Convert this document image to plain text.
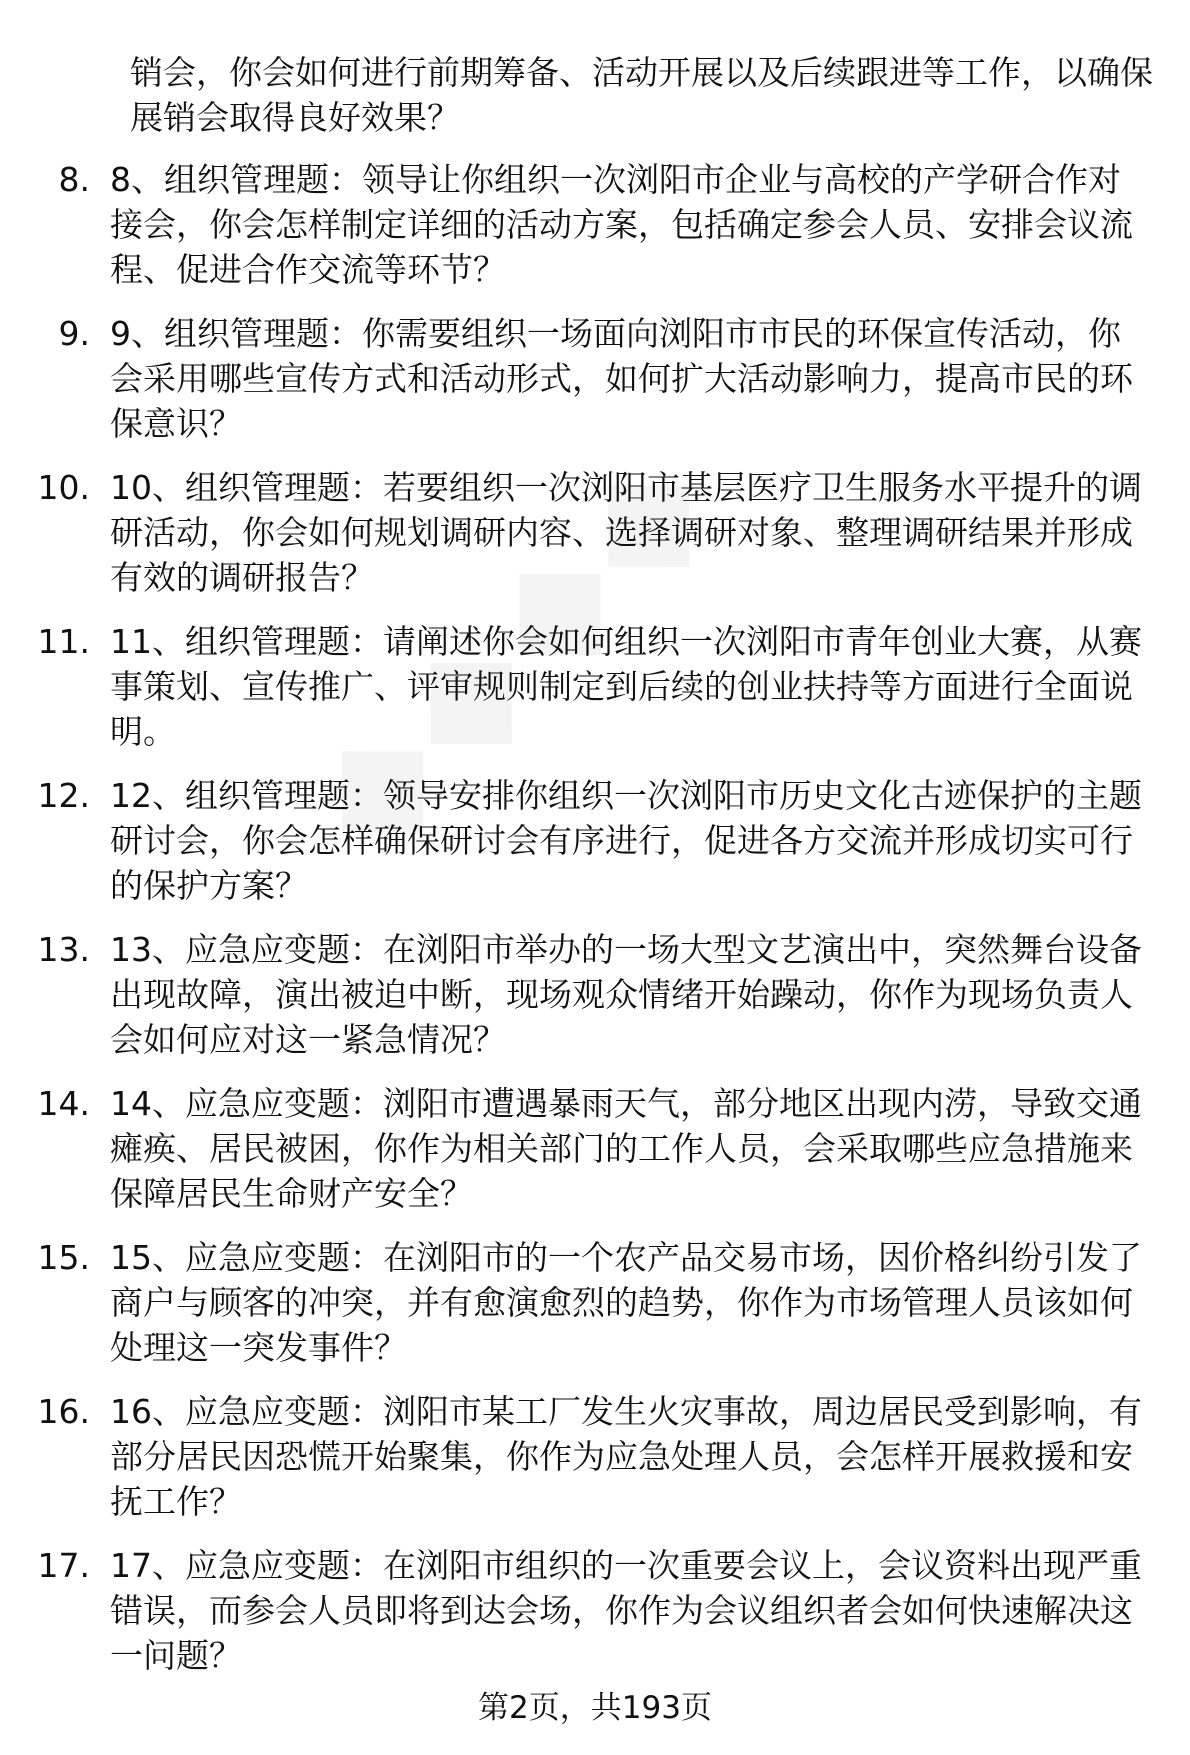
销会，你会如何进行前期筹备、活动开展以及后续跟进等工作，以确保展销会取得良好效果？
8. 8、组织管理题：领导让你组织一次浏阳市企业与高校的产学研合作对接会，你会怎样制定详细的活动方案，包括确定参会人员、安排会议流程、促进合作交流等环节？
9. 9、组织管理题：你需要组织一场面向浏阳市市民的环保宣传活动，你会采用哪些宣传方式和活动形式，如何扩大活动影响力，提高市民的环保意识？
10. 10、组织管理题：若要组织一次浏阳市基层医疗卫生服务水平提升的调研活动，你会如何规划调研内容、选择调研对象、整理调研结果并形成有效的调研报告？
11. 11、组织管理题：请阐述你会如何组织一次浏阳市青年创业大赛，从赛事策划、宣传推广、评审规则制定到后续的创业扶持等方面进行全面说明。
12. 12、组织管理题：领导安排你组织一次浏阳市历史文化古迹保护的主题研讨会，你会怎样确保研讨会有序进行，促进各方交流并形成切实可行的保护方案？
13. 13、应急应变题：在浏阳市举办的一场大型文艺演出中，突然舞台设备出现故障，演出被迫中断，现场观众情绪开始躁动，你作为现场负责人会如何应对这一紧急情况？
14. 14、应急应变题：浏阳市遭遇暴雨天气，部分地区出现内涝，导致交通瘫痪、居民被困，你作为相关部门的工作人员，会采取哪些应急措施来保障居民生命财产安全？
15. 15、应急应变题：在浏阳市的一个农产品交易市场，因价格纠纷引发了商户与顾客的冲突，并有愈演愈烈的趋势，你作为市场管理人员该如何处理这一突发事件？
16. 16、应急应变题：浏阳市某工厂发生火灾事故，周边居民受到影响，有部分居民因恐慌开始聚集，你作为应急处理人员，会怎样开展救援和安抚工作？
17. 17、应急应变题：在浏阳市组织的一次重要会议上，会议资料出现严重错误，而参会人员即将到达会场，你作为会议组织者会如何快速解决这一问题？
第2页，共193页
